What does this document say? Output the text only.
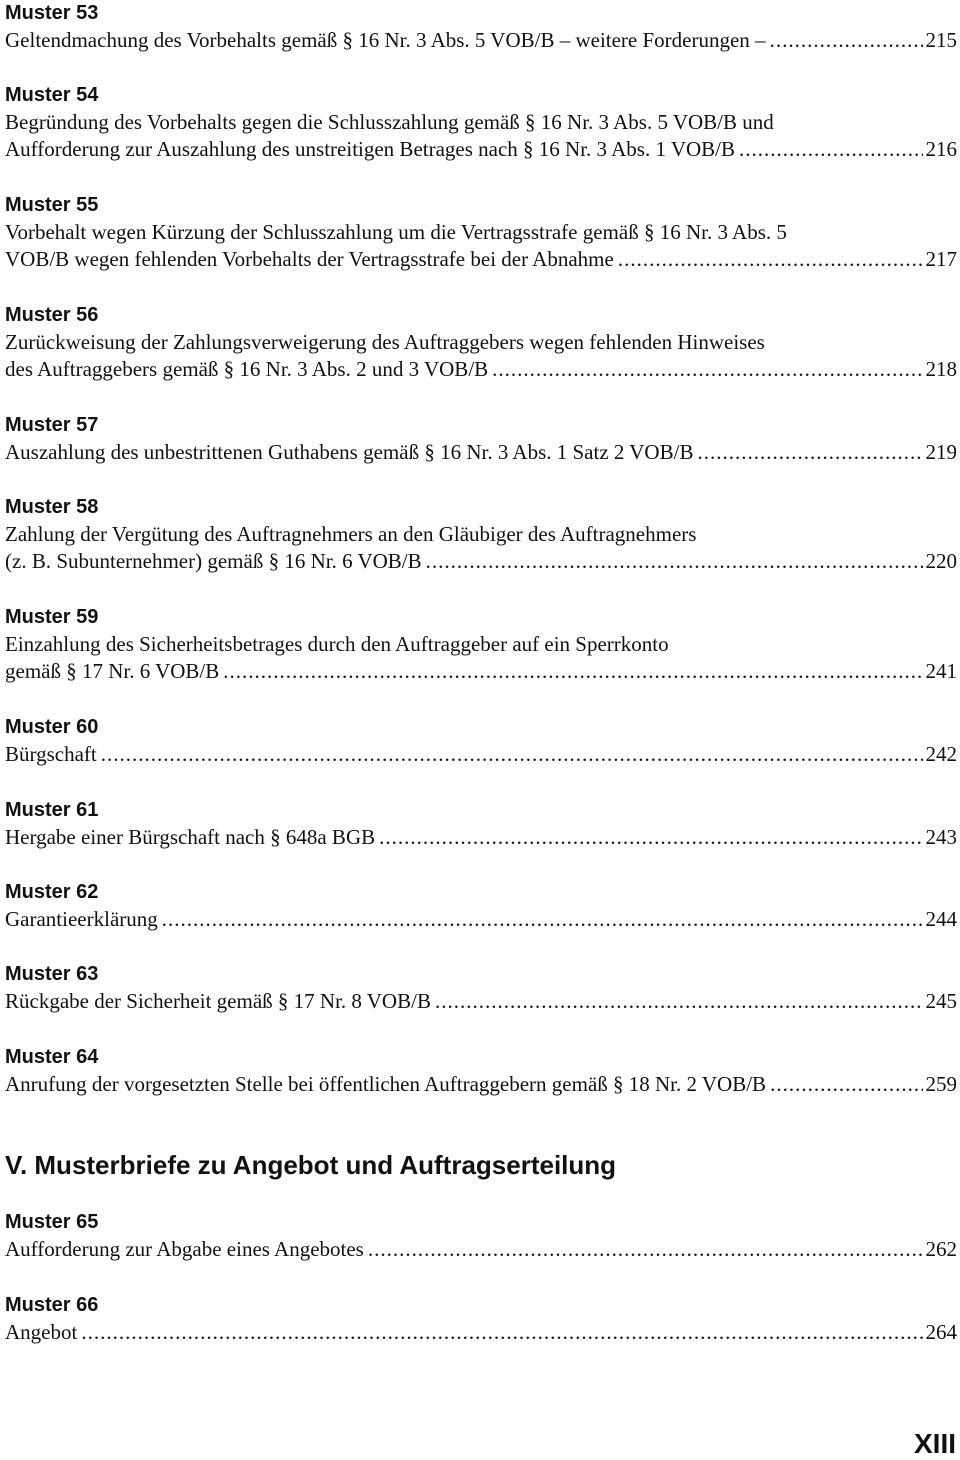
Muster 53
Geltendmachung des Vorbehalts gemäß § 16 Nr. 3 Abs. 5 VOB/B – weitere Forderungen – .....	215
Muster 54
Begründung des Vorbehalts gegen die Schlusszahlung gemäß § 16 Nr. 3 Abs. 5 VOB/B und
Aufforderung zur Auszahlung des unstreitigen Betrages nach § 16 Nr. 3 Abs. 1 VOB/B .....	216
Muster 55
Vorbehalt wegen Kürzung der Schlusszahlung um die Vertragsstrafe gemäß § 16 Nr. 3 Abs. 5
VOB/B wegen fehlenden Vorbehalts der Vertragsstrafe bei der Abnahme .....	217
Muster 56
Zurückweisung der Zahlungsverweigerung des Auftraggebers wegen fehlenden Hinweises
des Auftraggebers gemäß § 16 Nr. 3 Abs. 2 und 3 VOB/B .....	218
Muster 57
Auszahlung des unbestrittenen Guthabens gemäß § 16 Nr. 3 Abs. 1 Satz 2 VOB/B .....	219
Muster 58
Zahlung der Vergütung des Auftragnehmers an den Gläubiger des Auftragnehmers
(z. B. Subunternehmer) gemäß § 16 Nr. 6 VOB/B .....	220
Muster 59
Einzahlung des Sicherheitsbetrages durch den Auftraggeber auf ein Sperrkonto
gemäß § 17 Nr. 6 VOB/B .....	241
Muster 60
Bürgschaft .....	242
Muster 61
Hergabe einer Bürgschaft nach § 648a BGB .....	243
Muster 62
Garantieerklärung .....	244
Muster 63
Rückgabe der Sicherheit gemäß § 17 Nr. 8 VOB/B .....	245
Muster 64
Anrufung der vorgesetzten Stelle bei öffentlichen Auftraggebern gemäß § 18 Nr. 2 VOB/B .....	259
Muster 65
Aufforderung zur Abgabe eines Angebotes .....	262
Muster 66
Angebot .....	264
V. Musterbriefe zu Angebot und Auftragserteilung
XIII
